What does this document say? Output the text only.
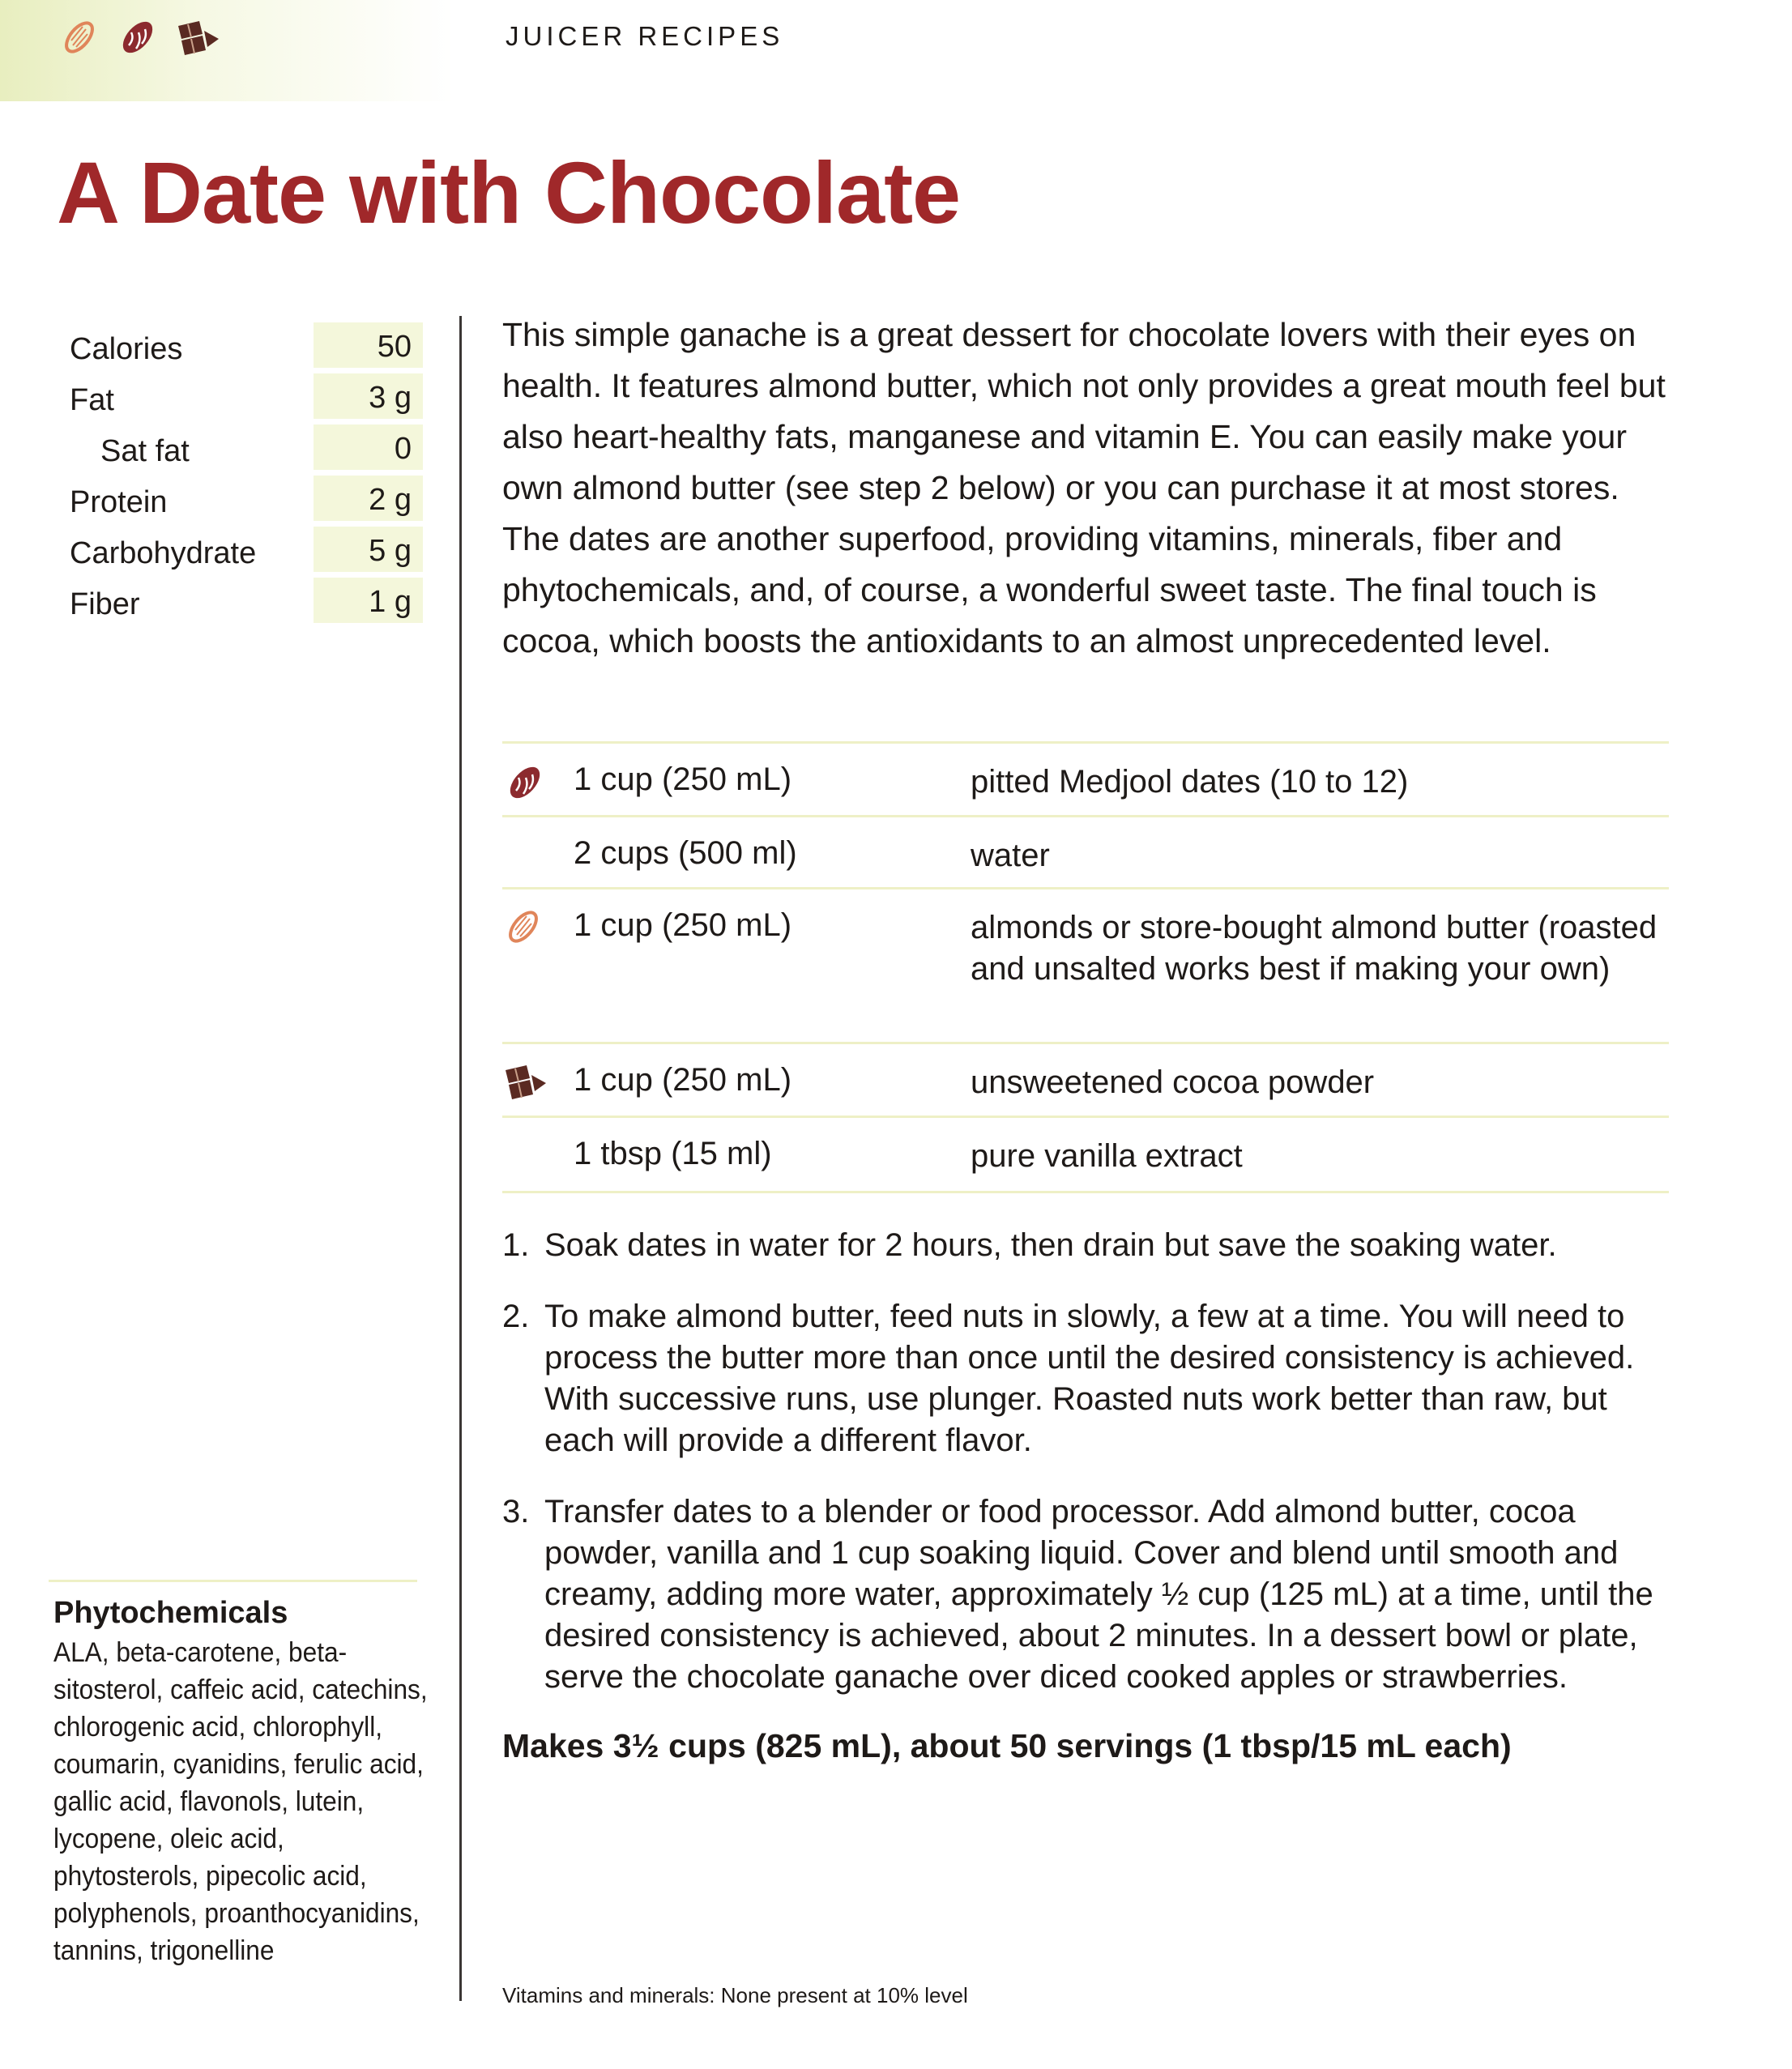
JUICER RECIPES
A Date with Chocolate
Calories	50
Fat	3 g
Sat fat	0
Protein	2 g
Carbohydrate	5 g
Fiber	1 g
Phytochemicals
ALA, beta-carotene, beta-sitosterol, caffeic acid, catechins, chlorogenic acid, chlorophyll, coumarin, cyanidins, ferulic acid, gallic acid, flavonols, lutein, lycopene, oleic acid, phytosterols, pipecolic acid, polyphenols, proanthocyanidins, tannins, trigonelline

This simple ganache is a great dessert for chocolate lovers with their eyes on health. It features almond butter, which not only provides a great mouth feel but also heart-healthy fats, manganese and vitamin E. You can easily make your own almond butter (see step 2 below) or you can purchase it at most stores. The dates are another superfood, providing vitamins, minerals, fiber and phytochemicals, and, of course, a wonderful sweet taste. The final touch is cocoa, which boosts the antioxidants to an almost unprecedented level.

1 cup (250 mL)	pitted Medjool dates (10 to 12)
2 cups (500 ml)	water
1 cup (250 mL)	almonds or store-bought almond butter (roasted and unsalted works best if making your own)
1 cup (250 mL)	unsweetened cocoa powder
1 tbsp (15 ml)	pure vanilla extract
1. Soak dates in water for 2 hours, then drain but save the soaking water.
2. To make almond butter, feed nuts in slowly, a few at a time. You will need to process the butter more than once until the desired consistency is achieved. With successive runs, use plunger. Roasted nuts work better than raw, but each will provide a different flavor.
3. Transfer dates to a blender or food processor. Add almond butter, cocoa powder, vanilla and 1 cup soaking liquid. Cover and blend until smooth and creamy, adding more water, approximately ½ cup (125 mL) at a time, until the desired consistency is achieved, about 2 minutes. In a dessert bowl or plate, serve the chocolate ganache over diced cooked apples or strawberries.
Makes 3½ cups (825 mL), about 50 servings (1 tbsp/15 mL each)
Vitamins and minerals: None present at 10% level
